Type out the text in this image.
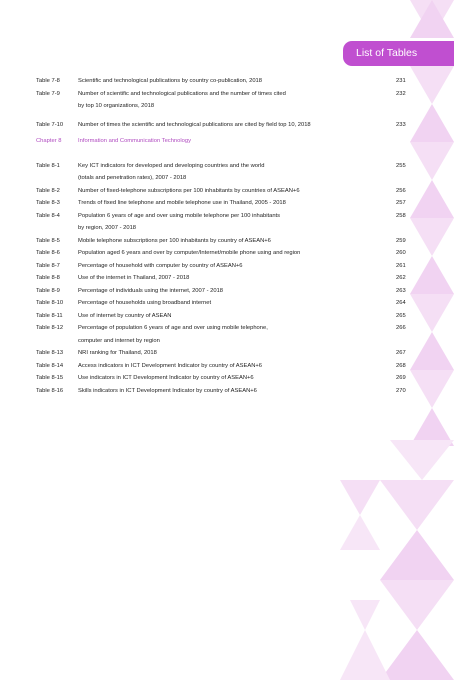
List of Tables
Table 7-8	Scientific and technological publications by country co-publication, 2018	231
Table 7-9	Number of scientific and technological publications and the number of times cited	232
by top 10 organizations, 2018
Table 7-10	Number of times the scientific and technological publications are cited by field top 10, 2018	233
Chapter 8	Information and Communication Technology
Table 8-1	Key ICT indicators for developed and developing countries and the world	255
(totals and penetration rates), 2007 - 2018
Table 8-2	Number of fixed-telephone subscriptions per 100 inhabitants by countries of ASEAN+6	256
Table 8-3	Trends of fixed line telephone and mobile telephone use in Thailand, 2005 - 2018	257
Table 8-4	Population 6 years of age and over using mobile telephone per 100 inhabitants	258
by region, 2007 - 2018
Table 8-5	Mobile telephone subscriptions per 100 inhabitants by country of ASEAN+6	259
Table 8-6	Population aged 6 years and over by computer/Internet/mobile phone using and region	260
Table 8-7	Percentage of household with computer by country of ASEAN+6	261
Table 8-8	Use of the internet in Thailand, 2007 - 2018	262
Table 8-9	Percentage of individuals using the internet, 2007 - 2018	263
Table 8-10	Percentage of households using broadband internet	264
Table 8-11	Use of internet by country of ASEAN	265
Table 8-12	Percentage of population 6 years of age and over using mobile telephone,	266
computer and internet by region
Table 8-13	NRI ranking for Thailand, 2018	267
Table 8-14	Access indicators in ICT Development Indicator by country of ASEAN+6	268
Table 8-15	Use indicators in ICT Development Indicator by country of ASEAN+6	269
Table 8-16	Skills indicators in ICT Development Indicator by country of ASEAN+6	270
